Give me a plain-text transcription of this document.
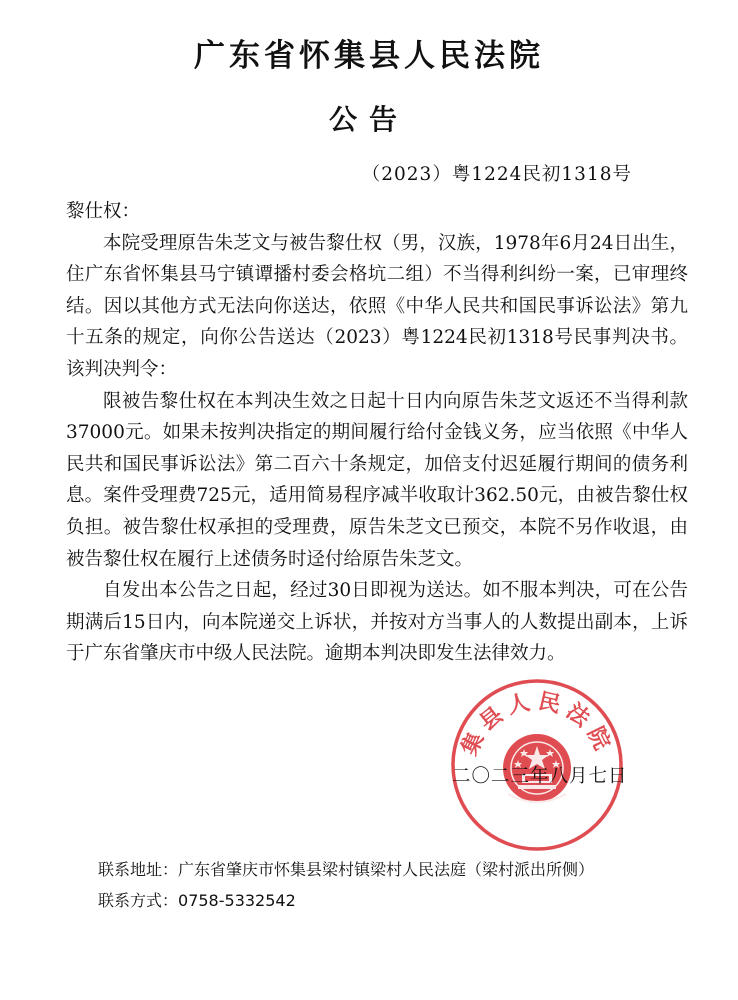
广东省怀集县人民法院
公告
（2023）粤1224民初1318号

黎仕权：

本院受理原告朱芝文与被告黎仕权（男，汉族，1978年6月24日出生，住广东省怀集县马宁镇谭播村委会格坑二组）不当得利纠纷一案，已审理终结。因以其他方式无法向你送达，依照《中华人民共和国民事诉讼法》第九十五条的规定，向你公告送达（2023）粤1224民初1318号民事判决书。该判决判令：

限被告黎仕权在本判决生效之日起十日内向原告朱芝文返还不当得利款37000元。如果未按判决指定的期间履行给付金钱义务，应当依照《中华人民共和国民事诉讼法》第二百六十条规定，加倍支付迟延履行期间的债务利息。案件受理费725元，适用简易程序减半收取计362.50元，由被告黎仕权负担。被告黎仕权承担的受理费，原告朱芝文已预交，本院不另作收退，由被告黎仕权在履行上述债务时迳付给原告朱芝文。

自发出本公告之日起，经过30日即视为送达。如不服本判决，可在公告期满后15日内，向本院递交上诉状，并按对方当事人的人数提出副本，上诉于广东省肇庆市中级人民法院。逾期本判决即发生法律效力。

集县人民法院
二〇二三年八月七日

联系地址：广东省肇庆市怀集县梁村镇梁村人民法庭（梁村派出所侧）

联系方式：0758-5332542
